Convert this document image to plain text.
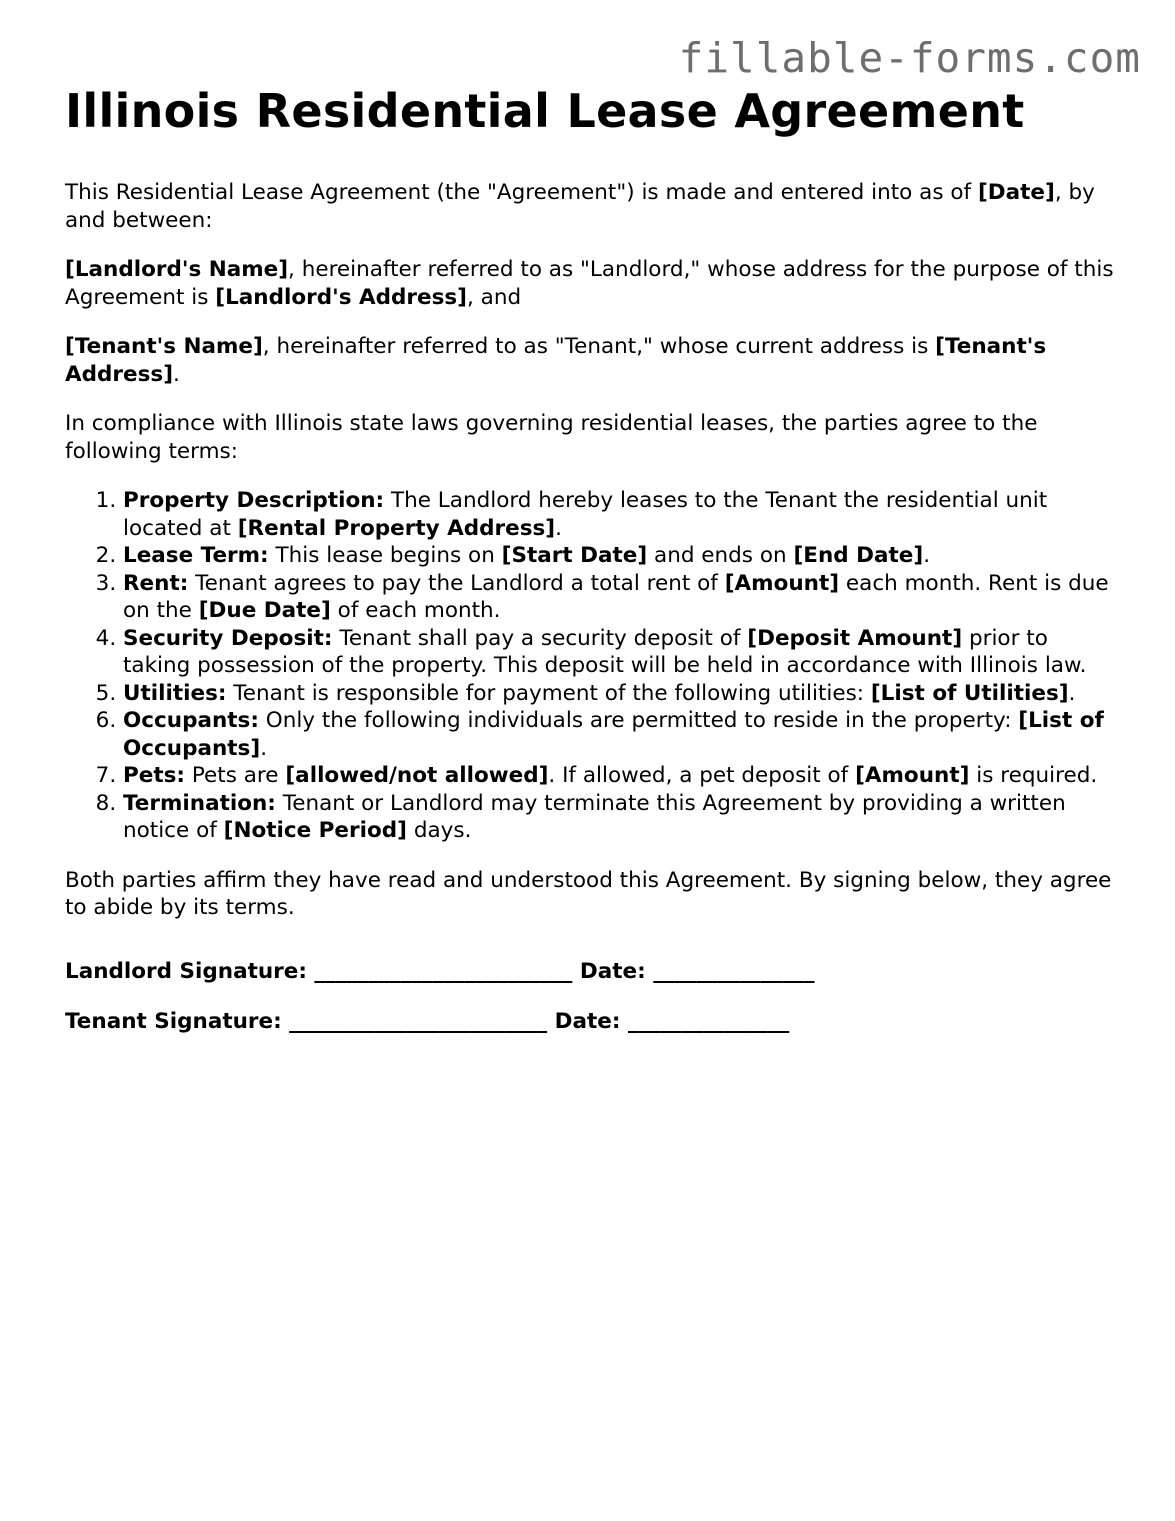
fillable-forms.com
Illinois Residential Lease Agreement

This Residential Lease Agreement (the "Agreement") is made and entered into as of [Date], by and between:

[Landlord's Name], hereinafter referred to as "Landlord," whose address for the purpose of this Agreement is [Landlord's Address], and

[Tenant's Name], hereinafter referred to as "Tenant," whose current address is [Tenant's Address].

In compliance with Illinois state laws governing residential leases, the parties agree to the following terms:

1. Property Description: The Landlord hereby leases to the Tenant the residential unit located at [Rental Property Address].
2. Lease Term: This lease begins on [Start Date] and ends on [End Date].
3. Rent: Tenant agrees to pay the Landlord a total rent of [Amount] each month. Rent is due on the [Due Date] of each month.
4. Security Deposit: Tenant shall pay a security deposit of [Deposit Amount] prior to taking possession of the property. This deposit will be held in accordance with Illinois law.
5. Utilities: Tenant is responsible for payment of the following utilities: [List of Utilities].
6. Occupants: Only the following individuals are permitted to reside in the property: [List of Occupants].
7. Pets: Pets are [allowed/not allowed]. If allowed, a pet deposit of [Amount] is required.
8. Termination: Tenant or Landlord may terminate this Agreement by providing a written notice of [Notice Period] days.

Both parties affirm they have read and understood this Agreement. By signing below, they agree to abide by its terms.

Landlord Signature: ________________________ Date: _______________
Tenant Signature: ________________________ Date: _______________
